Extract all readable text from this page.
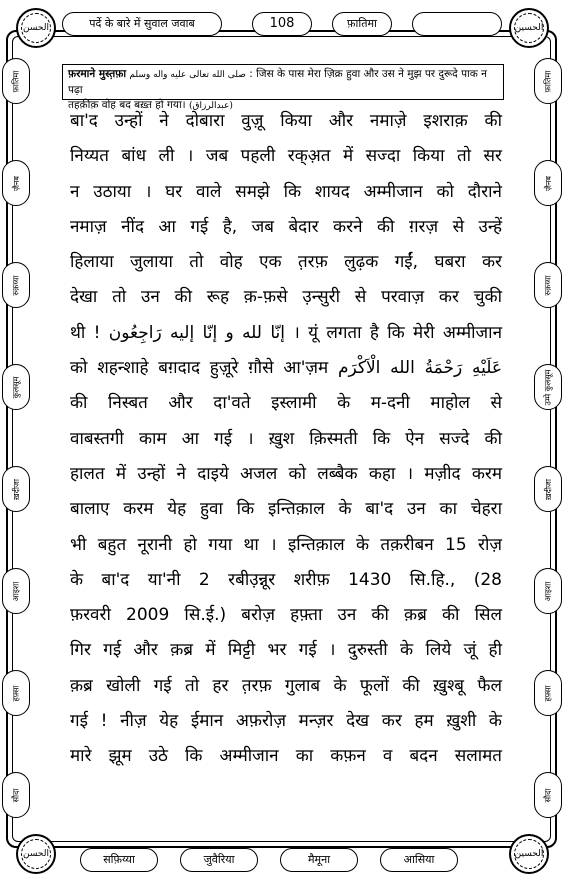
पर्दे के बारे में सुवाल जवाब	108	फ़ातिमा
الحسن	الحسين
फ़रमाने मुस्त़फ़ा صلى الله تعالى عليه واله وسلم : जिस के पास मेरा ज़िक्र हुवा और उस ने मुझ पर दुरूदे पाक न पढ़ा
तहक़ीक़ वोह बद बख़्त हो गया। (عبدالرزاق)
फ़ातिमा
ज़ैनब
रुक़य्या
कुलसूम
ख़दीजा
आइशा
हफ़्सा
सौदा
फ़ातिमा
ज़ैनब
रुक़य्या
उम्मे कुलसूम
ख़दीजा
आइशा
हफ़्सा
सौदा
बा'द उन्हों ने दोबारा वुज़ू किया और नमाज़े इशराक़ की
निय्यत बांध ली । जब पहली रक्अ़त में सज्दा किया तो सर
न उठाया । घर वाले समझे कि शायद अम्मीजान को दौराने
नमाज़ नींद आ गई है, जब बेदार करने की ग़रज़ से उन्हें
हिलाया जुलाया तो वोह एक त़रफ़ लुढ़क गईं, घबरा कर
देखा तो उन की रूह क़-फ़से उ़न्सुरी से परवाज़ कर चुकी
थी ! إنّا لله و إنّا إليه رَاجِعُون । यूं लगता है कि मेरी अम्मीजान
को शहन्शाहे बग़दाद हुज़ूरे ग़ौसे आ'ज़म عَلَيْهِ رَحْمَةُ الله الْاَكْرَم
की निस्बत और दा'वते इस्लामी के म-दनी माहोल से
वाबस्तगी काम आ गई । ख़ुश क़िस्मती कि ऐन सज्दे की
हालत में उन्हों ने दाइये अजल को लब्बैक कहा । मज़ीद करम
बालाए करम येह हुवा कि इन्तिक़ाल के बा'द उन का चेहरा
भी बहुत नूरानी हो गया था । इन्तिक़ाल के तक़रीबन 15 रोज़
के बा'द या'नी 2 रबीउ़न्नूर शरीफ़ 1430 सि.हि., (28
फ़रवरी 2009 सि.ई.) बरोज़ हफ़्ता उन की क़ब्र की सिल
गिर गई और क़ब्र में मिट्टी भर गई । दुरुस्ती के लिये जूं ही
क़ब्र खोली गई तो हर त़रफ़ गुलाब के फूलों की ख़ुश्बू फैल
गई ! नीज़ येह ईमान अफ़रोज़ मन्ज़र देख कर हम ख़ुशी के
मारे झूम उठे कि अम्मीजान का कफ़न व बदन सलामत
सफ़िय्या	जुवैरिया	मैमूना	आसिया
الحسن	الحسين
